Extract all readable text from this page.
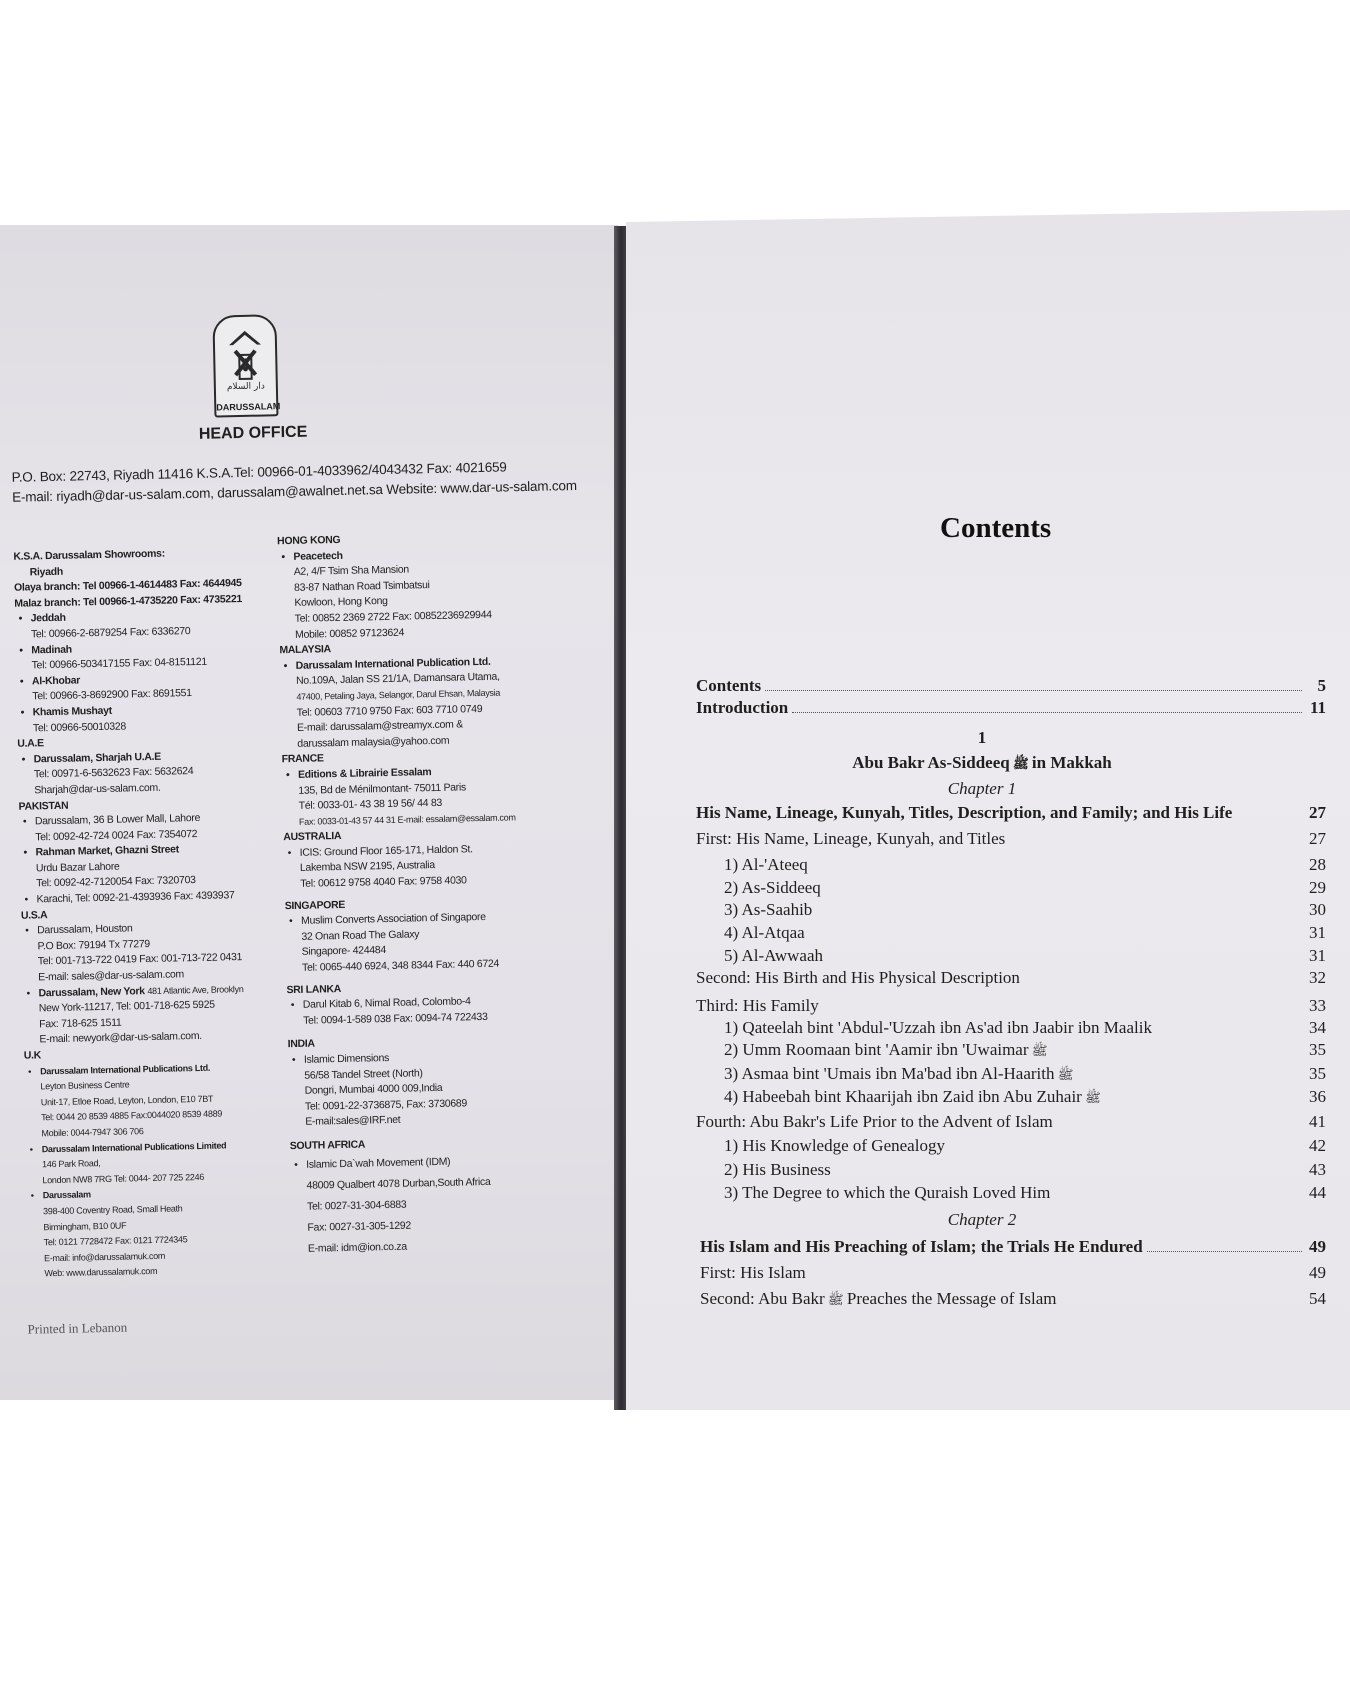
دار السلام
DARUSSALAM
HEAD OFFICE
P.O. Box: 22743, Riyadh 11416 K.S.A.Tel: 00966-01-4033962/4043432 Fax: 4021659
E-mail: riyadh@dar-us-salam.com, darussalam@awalnet.net.sa Website: www.dar-us-salam.com
K.S.A. Darussalam Showrooms:
Riyadh
Olaya branch: Tel 00966-1-4614483 Fax: 4644945
Malaz branch: Tel 00966-1-4735220 Fax: 4735221
• Jeddah
Tel: 00966-2-6879254 Fax: 6336270
• Madinah
Tel: 00966-503417155 Fax: 04-8151121
• Al-Khobar
Tel: 00966-3-8692900 Fax: 8691551
• Khamis Mushayt
Tel: 00966-50010328
U.A.E
• Darussalam, Sharjah U.A.E
Tel: 00971-6-5632623 Fax: 5632624
Sharjah@dar-us-salam.com.
PAKISTAN
• Darussalam, 36 B Lower Mall, Lahore
Tel: 0092-42-724 0024 Fax: 7354072
• Rahman Market, Ghazni Street
Urdu Bazar Lahore
Tel: 0092-42-7120054 Fax: 7320703
• Karachi, Tel: 0092-21-4393936 Fax: 4393937
U.S.A
• Darussalam, Houston
P.O Box: 79194 Tx 77279
Tel: 001-713-722 0419 Fax: 001-713-722 0431
E-mail: sales@dar-us-salam.com
• Darussalam, New York 481 Atlantic Ave, Brooklyn
New York-11217, Tel: 001-718-625 5925
Fax: 718-625 1511
E-mail: newyork@dar-us-salam.com.
U.K
• Darussalam International Publications Ltd.
Leyton Business Centre
Unit-17, Etloe Road, Leyton, London, E10 7BT
Tel: 0044 20 8539 4885 Fax:0044020 8539 4889
Mobile: 0044-7947 306 706
• Darussalam International Publications Limited
146 Park Road,
London NW8 7RG Tel: 0044- 207 725 2246
• Darussalam
398-400 Coventry Road, Small Heath
Birmingham, B10 0UF
Tel: 0121 7728472 Fax: 0121 7724345
E-mail: info@darussalamuk.com
Web: www.darussalamuk.com
HONG KONG
• Peacetech
A2, 4/F Tsim Sha Mansion
83-87 Nathan Road Tsimbatsui
Kowloon, Hong Kong
Tel: 00852 2369 2722 Fax: 00852236929944
Mobile: 00852 97123624
MALAYSIA
• Darussalam International Publication Ltd.
No.109A, Jalan SS 21/1A, Damansara Utama,
47400, Petaling Jaya, Selangor, Darul Ehsan, Malaysia
Tel: 00603 7710 9750 Fax: 603 7710 0749
E-mail: darussalam@streamyx.com &
darussalam malaysia@yahoo.com
FRANCE
• Editions & Librairie Essalam
135, Bd de Ménilmontant- 75011 Paris
Tél: 0033-01- 43 38 19 56/ 44 83
Fax: 0033-01-43 57 44 31 E-mail: essalam@essalam.com
AUSTRALIA
• ICIS: Ground Floor 165-171, Haldon St.
Lakemba NSW 2195, Australia
Tel: 00612 9758 4040 Fax: 9758 4030
SINGAPORE
• Muslim Converts Association of Singapore
32 Onan Road The Galaxy
Singapore- 424484
Tel: 0065-440 6924, 348 8344 Fax: 440 6724
SRI LANKA
• Darul Kitab 6, Nimal Road, Colombo-4
Tel: 0094-1-589 038 Fax: 0094-74 722433
INDIA
• Islamic Dimensions
56/58 Tandel Street (North)
Dongri, Mumbai 4000 009,India
Tel: 0091-22-3736875, Fax: 3730689
E-mail:sales@IRF.net
SOUTH AFRICA
• Islamic Da`wah Movement (IDM)
48009 Qualbert 4078 Durban,South Africa
Tel: 0027-31-304-6883
Fax: 0027-31-305-1292
E-mail: idm@ion.co.za
Printed in Lebanon
Contents
Contents	5
Introduction	11
His Name, Lineage, Kunyah, Titles, Description, and Family; and His Life	27
First: His Name, Lineage, Kunyah, and Titles	27
1) Al-'Ateeq	28
2) As-Siddeeq	29
3) As-Saahib	30
4) Al-Atqaa	31
5) Al-Awwaah	31
Second: His Birth and His Physical Description	32
Third: His Family	33
1) Qateelah bint 'Abdul-'Uzzah ibn As'ad ibn Jaabir ibn Maalik	34
2) Umm Roomaan bint 'Aamir ibn 'Uwaimar ﷺ	35
3) Asmaa bint 'Umais ibn Ma'bad ibn Al-Haarith ﷺ	35
4) Habeebah bint Khaarijah ibn Zaid ibn Abu Zuhair ﷺ	36
Fourth: Abu Bakr's Life Prior to the Advent of Islam	41
1) His Knowledge of Genealogy	42
2) His Business	43
3) The Degree to which the Quraish Loved Him	44
His Islam and His Preaching of Islam; the Trials He Endured	49
First: His Islam	49
Second: Abu Bakr ﷺ Preaches the Message of Islam	54
1
Abu Bakr As-Siddeeq ﷺ in Makkah
Chapter 1
Chapter 2
